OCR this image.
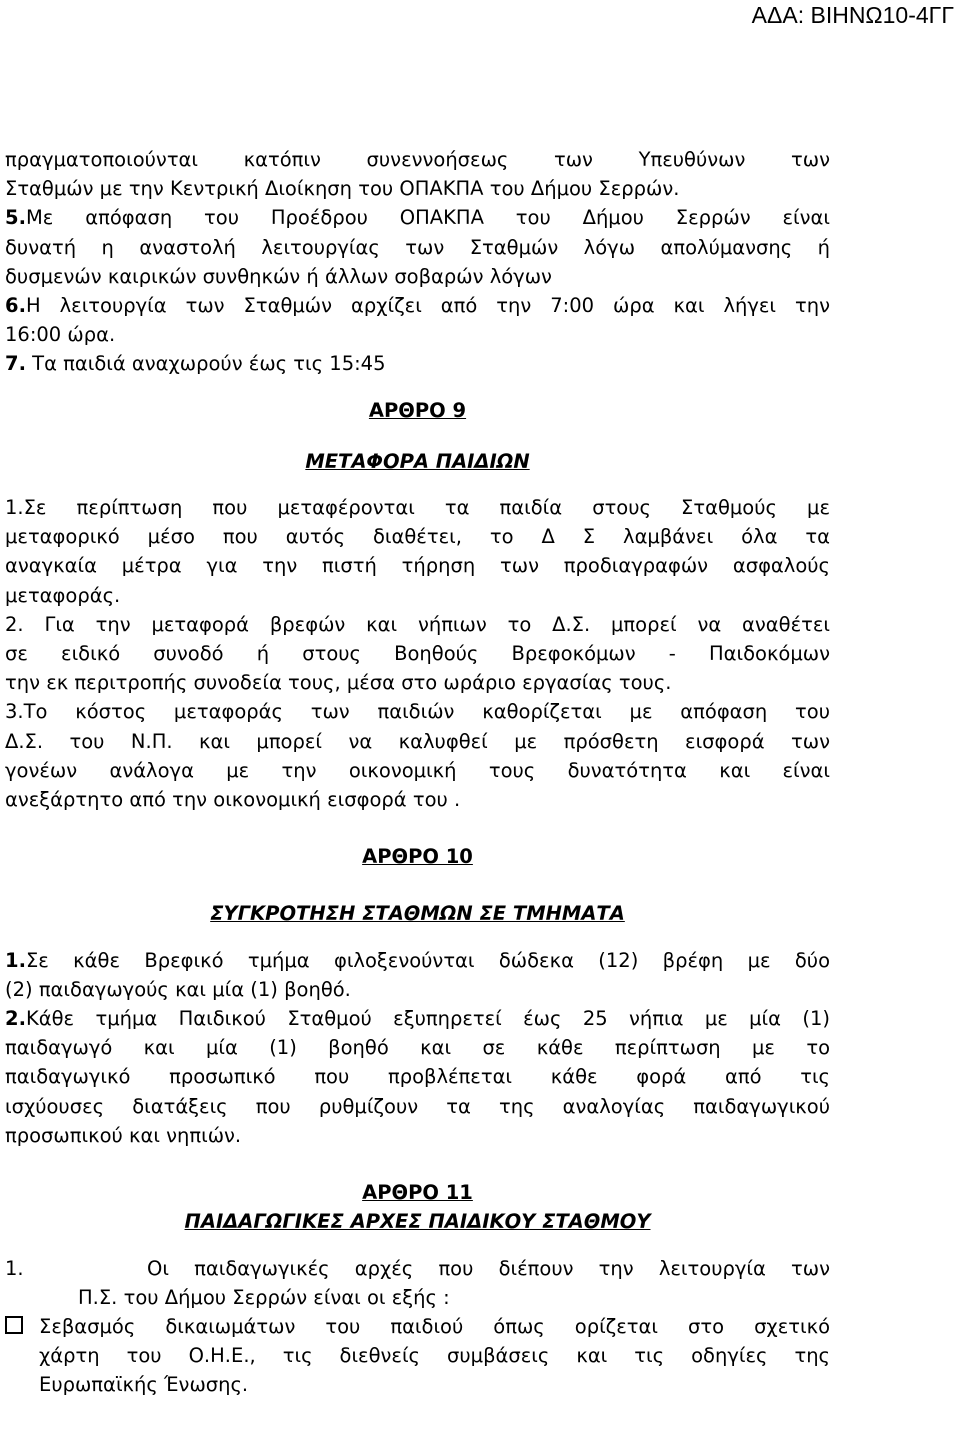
ΑΔΑ: ΒΙΗΝΩ10-4ΓΓ

πραγματοποιούνται κατόπιν συνεννοήσεως των Υπευθύνων των

Σταθμών με την Κεντρική Διοίκηση του ΟΠΑΚΠΑ του Δήμου Σερρών.

5.Με απόφαση του Προέδρου ΟΠΑΚΠΑ του Δήμου Σερρών είναι

δυνατή η αναστολή λειτουργίας των Σταθμών λόγω απολύμανσης ή

δυσμενών καιρικών συνθηκών ή άλλων σοβαρών λόγων

6.Η λειτουργία των Σταθμών αρχίζει από την 7:00 ώρα και λήγει την

16:00 ώρα.

7. Τα παιδιά αναχωρούν έως τις 15:45

ΑΡΘΡΟ 9

ΜΕΤΑΦΟΡΑ ΠΑΙΔΙΩΝ

1.Σε περίπτωση που μεταφέρονται τα παιδία στους Σταθμούς με

μεταφορικό μέσο που αυτός διαθέτει, το Δ Σ λαμβάνει όλα τα

αναγκαία μέτρα για την πιστή τήρηση των προδιαγραφών ασφαλούς

μεταφοράς.

2. Για την μεταφορά βρεφών και νήπιων το Δ.Σ. μπορεί να αναθέτει

σε ειδικό συνοδό ή στους Βοηθούς Βρεφοκόμων - Παιδοκόμων

την εκ περιτροπής συνοδεία τους, μέσα στο ωράριο εργασίας τους.

3.Το κόστος μεταφοράς των παιδιών καθορίζεται με απόφαση του

Δ.Σ. του Ν.Π. και μπορεί να καλυφθεί με πρόσθετη εισφορά των

γονέων ανάλογα με την οικονομική τους δυνατότητα και είναι

ανεξάρτητο από την οικονομική εισφορά του .

ΑΡΘΡΟ 10

ΣΥΓΚΡΟΤΗΣΗ ΣΤΑΘΜΩΝ ΣΕ ΤΜΗΜΑΤΑ

1.Σε κάθε Βρεφικό τμήμα φιλοξενούνται δώδεκα (12) βρέφη με δύο

(2) παιδαγωγούς και μία (1) βοηθό.

2.Κάθε τμήμα Παιδικού Σταθμού εξυπηρετεί έως 25 νήπια με μία (1)

παιδαγωγό και μία (1) βοηθό και σε κάθε περίπτωση με το

παιδαγωγικό προσωπικό που προβλέπεται κάθε φορά από τις

ισχύουσες διατάξεις που ρυθμίζουν τα της αναλογίας παιδαγωγικού

προσωπικού και νηπιών.

ΑΡΘΡΟ 11

ΠΑΙΔΑΓΩΓΙΚΕΣ ΑΡΧΕΣ ΠΑΙΔΙΚΟΥ ΣΤΑΘΜΟΥ

1.	Οι παιδαγωγικές αρχές που διέπουν την λειτουργία των

Π.Σ. του Δήμου Σερρών είναι οι εξής :

Σεβασμός δικαιωμάτων του παιδιού όπως ορίζεται στο σχετικό

χάρτη του Ο.Η.Ε., τις διεθνείς συμβάσεις και τις οδηγίες της

Ευρωπαϊκής Ένωσης.
